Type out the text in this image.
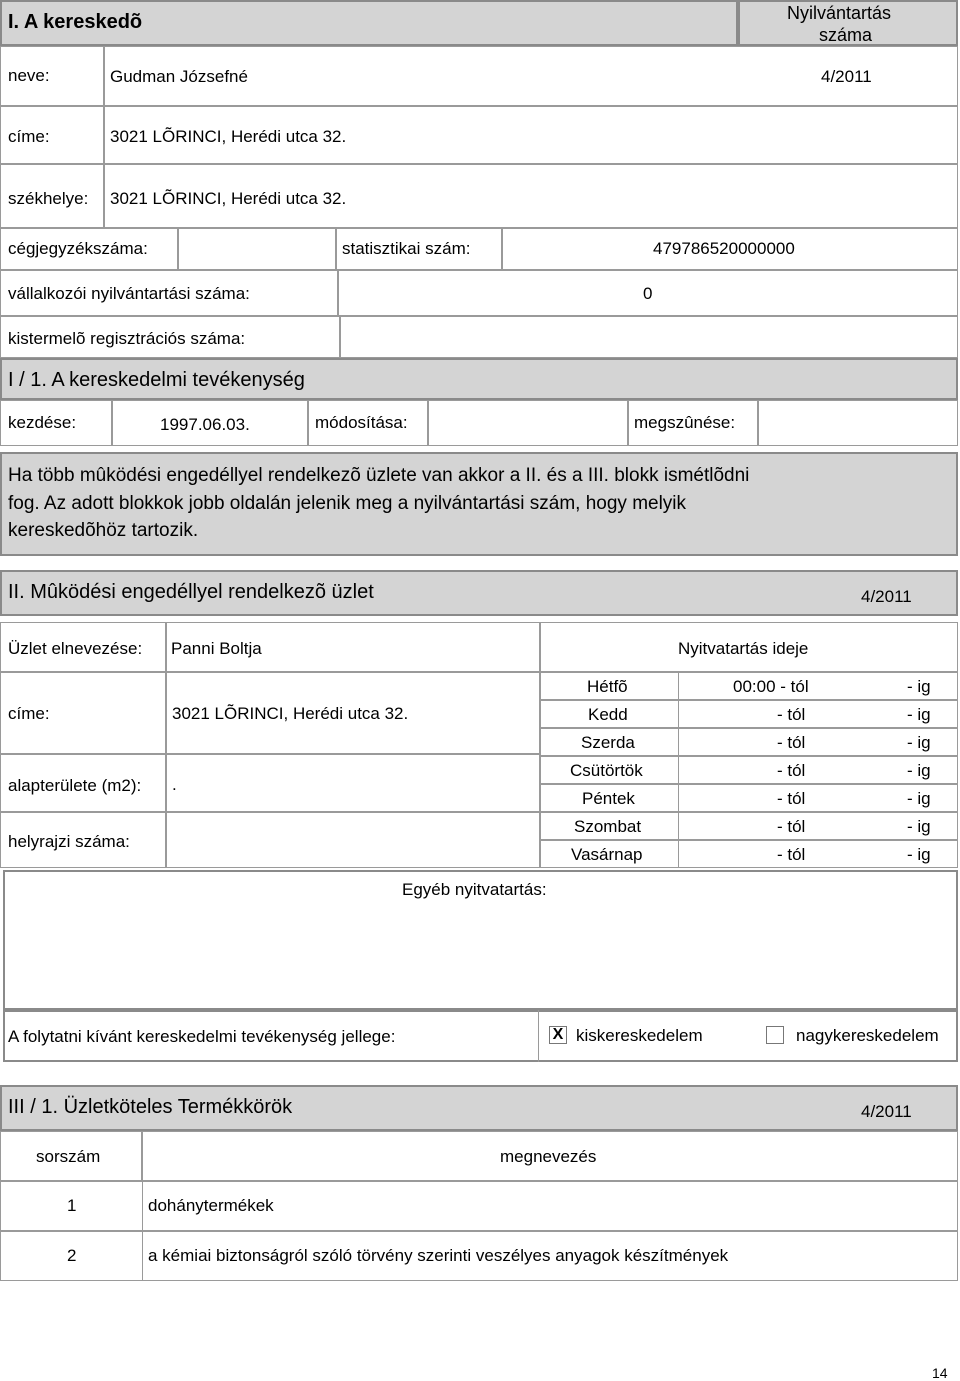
I. A kereskedõ	Nyilvántartás
száma
neve:	Gudman Józsefné	4/2011
címe:	3021 LÕRINCI, Herédi utca 32.
székhelye: 3021 LÕRINCI, Herédi utca 32.
cégjegyzékszáma:	statisztikai szám:	479786520000000
vállalkozói nyilvántartási száma:	0
kistermelõ regisztrációs száma:
I / 1. A kereskedelmi tevékenység
kezdése:	1997.06.03.	módosítása:	megszûnése:
Ha több mûködési engedéllyel rendelkezõ üzlete van akkor a II. és a III. blokk ismétlõdni
fog. Az adott blokkok jobb oldalán jelenik meg a nyilvántartási szám, hogy melyik
kereskedõhöz tartozik.
II. Mûködési engedéllyel rendelkezõ üzlet	4/2011
Üzlet elnevezése: Panni Boltja	Nyitvatartás ideje
címe:	3021 LÕRINCI, Herédi utca 32.
alapterülete (m2): .
helyrajzi száma:
Hétfõ	00:00 - tól	- ig
Kedd	- tól	- ig
Szerda	- tól	- ig
Csütörtök	- tól	- ig
Péntek	- tól	- ig
Szombat	- tól	- ig
Vasárnap	- tól	- ig
Egyéb nyitvatartás:
A folytatni kívánt kereskedelmi tevékenység jellege:	X kiskereskedelem	nagykereskedelem
III / 1. Üzletköteles Termékkörök	4/2011
sorszám	megnevezés
1	dohánytermékek
2	a kémiai biztonságról szóló törvény szerinti veszélyes anyagok készítmények
14
